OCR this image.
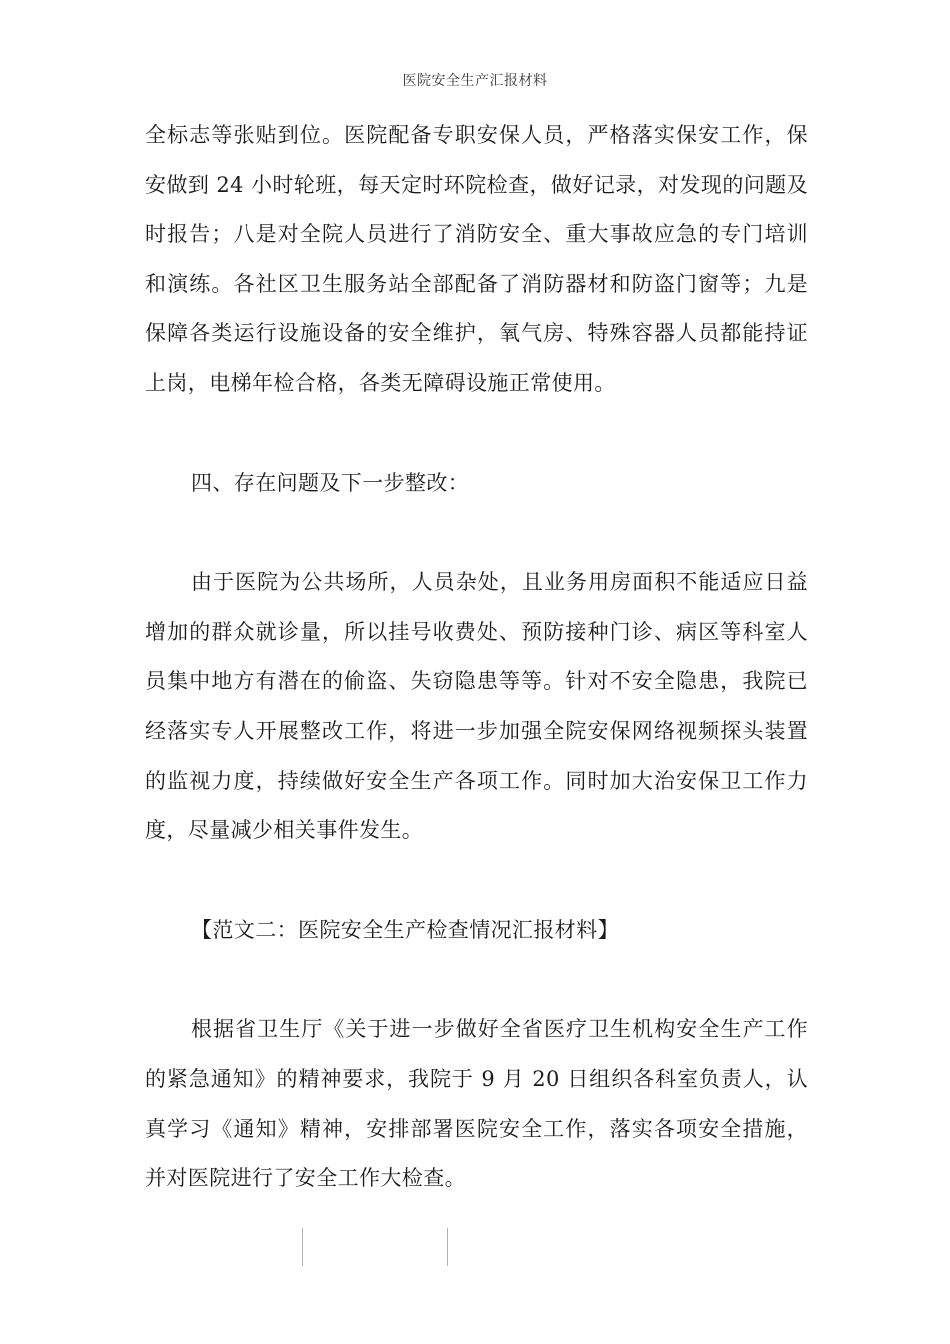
医院安全生产汇报材料

全标志等张贴到位。医院配备专职安保人员，严格落实保安工作，保安做到 24 小时轮班，每天定时环院检查，做好记录，对发现的问题及时报告；八是对全院人员进行了消防安全、重大事故应急的专门培训和演练。各社区卫生服务站全部配备了消防器材和防盗门窗等；九是保障各类运行设施设备的安全维护，氧气房、特殊容器人员都能持证上岗，电梯年检合格，各类无障碍设施正常使用。

四、存在问题及下一步整改：

由于医院为公共场所，人员杂处，且业务用房面积不能适应日益增加的群众就诊量，所以挂号收费处、预防接种门诊、病区等科室人员集中地方有潜在的偷盗、失窃隐患等等。针对不安全隐患，我院已经落实专人开展整改工作，将进一步加强全院安保网络视频探头装置的监视力度，持续做好安全生产各项工作。同时加大治安保卫工作力度，尽量减少相关事件发生。

【范文二：医院安全生产检查情况汇报材料】

根据省卫生厅《关于进一步做好全省医疗卫生机构安全生产工作的紧急通知》的精神要求，我院于 9 月 20 日组织各科室负责人，认真学习《通知》精神，安排部署医院安全工作，落实各项安全措施，并对医院进行了安全工作大检查。
